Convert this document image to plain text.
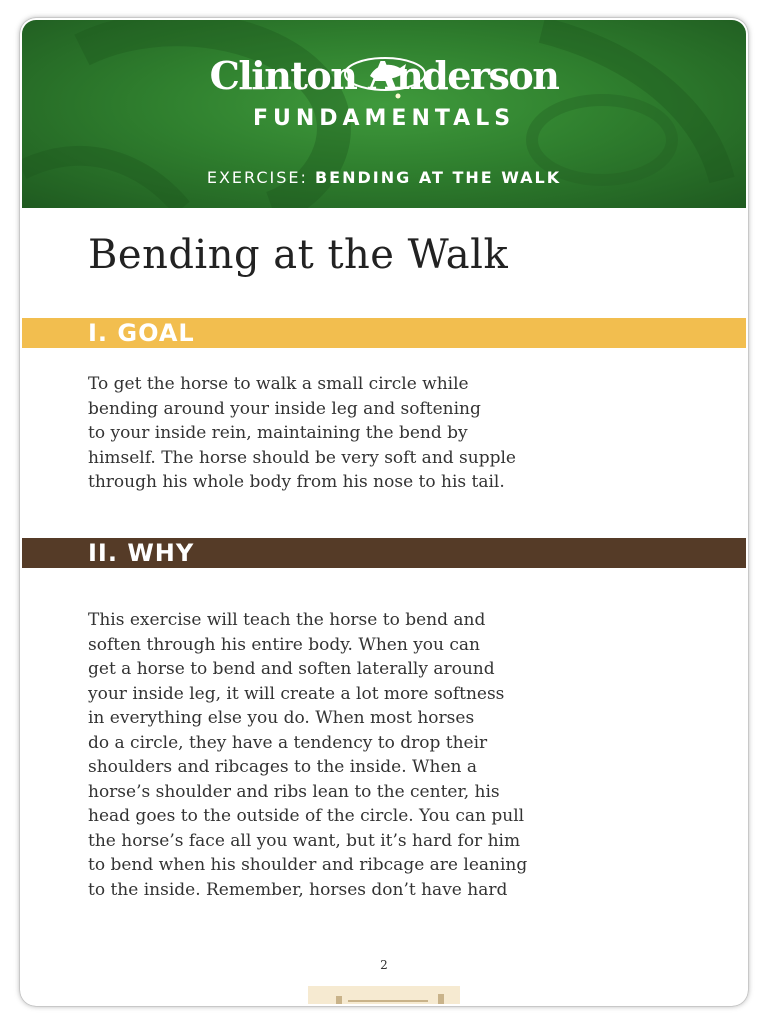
Clinton Anderson
FUNDAMENTALS
EXERCISE: BENDING AT THE WALK
Bending at the Walk
I. GOAL
To get the horse to walk a small circle while
bending around your inside leg and softening
to your inside rein, maintaining the bend by
himself. The horse should be very soft and supple
through his whole body from his nose to his tail.
II. WHY
This exercise will teach the horse to bend and
soften through his entire body. When you can
get a horse to bend and soften laterally around
your inside leg, it will create a lot more softness
in everything else you do. When most horses
do a circle, they have a tendency to drop their
shoulders and ribcages to the inside. When a
horse’s shoulder and ribs lean to the center, his
head goes to the outside of the circle. You can pull
the horse’s face all you want, but it’s hard for him
to bend when his shoulder and ribcage are leaning
to the inside. Remember, horses don’t have hard
2
